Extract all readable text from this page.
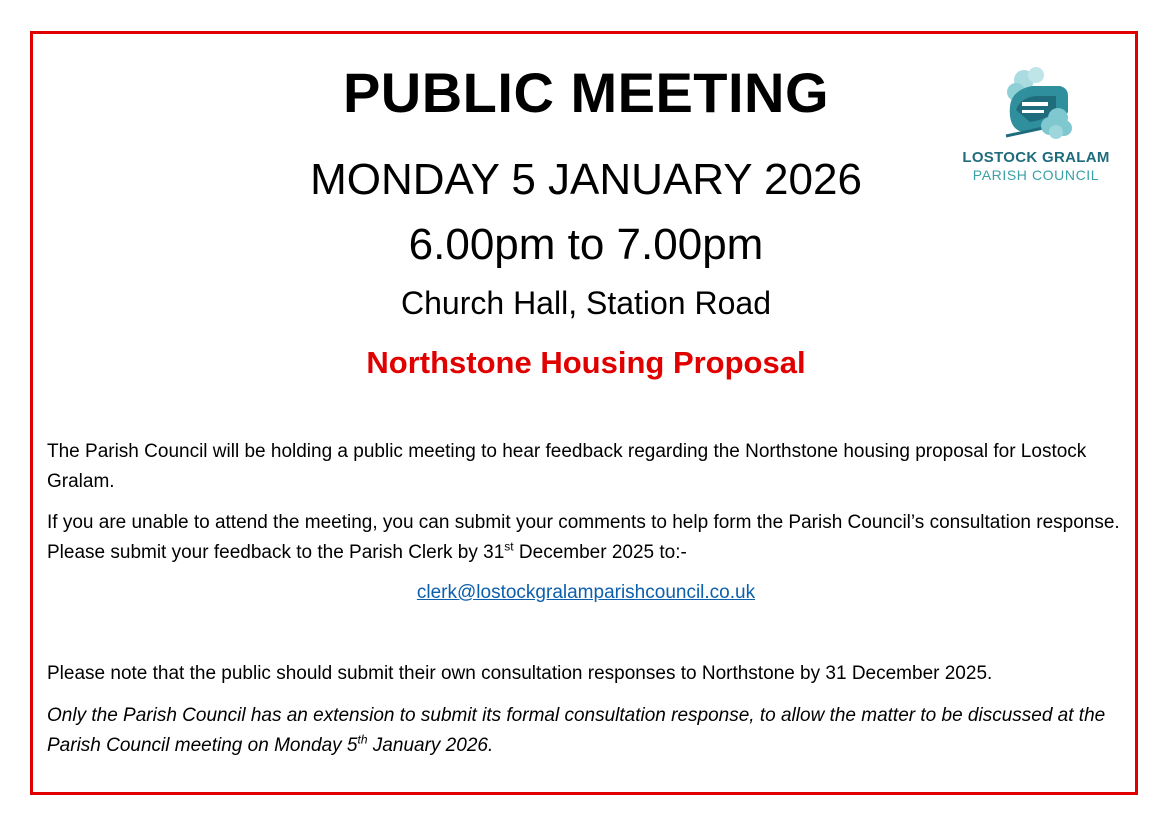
PUBLIC MEETING
MONDAY 5 JANUARY 2026
6.00pm to 7.00pm
Church Hall, Station Road
Northstone Housing Proposal
LOSTOCK GRALAM
PARISH COUNCIL
The Parish Council will be holding a public meeting to hear feedback regarding the Northstone housing proposal for Lostock Gralam.
If you are unable to attend the meeting, you can submit your comments to help form the Parish Council’s consultation response. Please submit your feedback to the Parish Clerk by 31st December 2025 to:-
clerk@lostockgralamparishcouncil.co.uk
Please note that the public should submit their own consultation responses to Northstone by 31 December 2025.
Only the Parish Council has an extension to submit its formal consultation response, to allow the matter to be discussed at the Parish Council meeting on Monday 5th January 2026.
